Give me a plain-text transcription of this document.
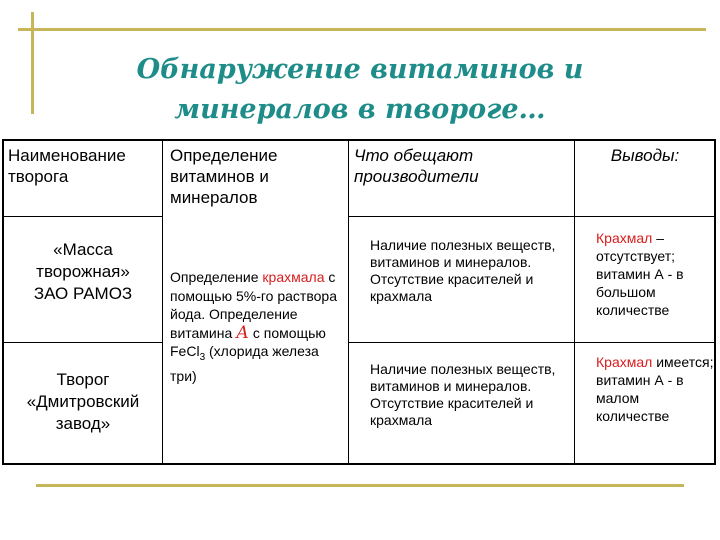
Обнаружение витаминов и минералов в твороге…
Наименование творога
Определение витаминов и минералов
Что обещают производители
Выводы:
«Масса творожная»
ЗАО РАМОЗ
Творог «Дмитровский завод»
Определение крахмала с помощью 5%-го раствора йода. Определение витамина А с помощью FeCl$_3$ (хлорида железа три)
Наличие полезных веществ, витаминов и минералов. Отсутствие красителей и крахмала
Наличие полезных веществ, витаминов и минералов. Отсутствие красителей и крахмала
Крахмал – отсутствует; витамин А - в большом количестве
Крахмал имеется; витамин А - в малом количестве
